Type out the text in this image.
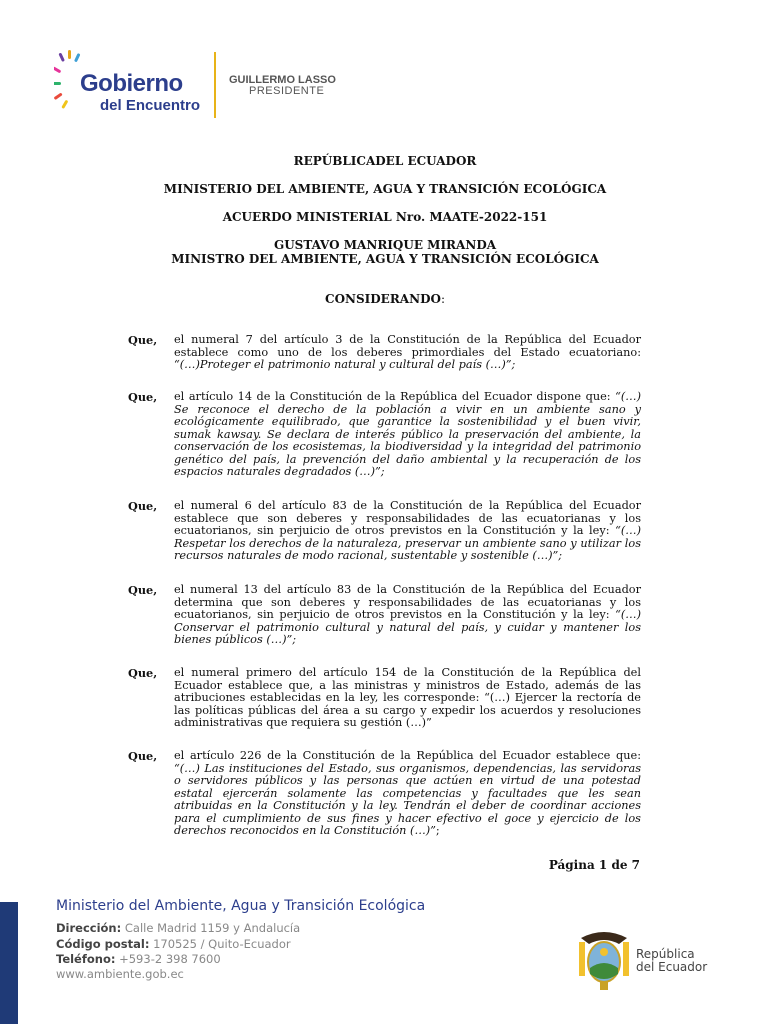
Gobierno
del Encuentro
GUILLERMO LASSO
PRESIDENTE
REPÚBLICADEL ECUADOR
MINISTERIO DEL AMBIENTE, AGUA Y TRANSICIÓN ECOLÓGICA
ACUERDO MINISTERIAL Nro. MAATE-2022-151
GUSTAVO MANRIQUE MIRANDA
MINISTRO DEL AMBIENTE, AGUA Y TRANSICIÓN ECOLÓGICA
CONSIDERANDO:
Que, el numeral 7 del artículo 3 de la Constitución de la República del Ecuador establece como uno de los deberes primordiales del Estado ecuatoriano: “(…)Proteger el patrimonio natural y cultural del país (…)”;
Que, el artículo 14 de la Constitución de la República del Ecuador dispone que: “(…) Se reconoce el derecho de la población a vivir en un ambiente sano y ecológicamente equilibrado, que garantice la sostenibilidad y el buen vivir, sumak kawsay. Se declara de interés público la preservación del ambiente, la conservación de los ecosistemas, la biodiversidad y la integridad del patrimonio genético del país, la prevención del daño ambiental y la recuperación de los espacios naturales degradados (…)”;
Que, el numeral 6 del artículo 83 de la Constitución de la República del Ecuador establece que son deberes y responsabilidades de las ecuatorianas y los ecuatorianos, sin perjuicio de otros previstos en la Constitución y la ley: “(…) Respetar los derechos de la naturaleza, preservar un ambiente sano y utilizar los recursos naturales de modo racional, sustentable y sostenible (…)”;
Que, el numeral 13 del artículo 83 de la Constitución de la República del Ecuador determina que son deberes y responsabilidades de las ecuatorianas y los ecuatorianos, sin perjuicio de otros previstos en la Constitución y la ley: “(…) Conservar el patrimonio cultural y natural del país, y cuidar y mantener los bienes públicos (…)”;
Que, el numeral primero del artículo 154 de la Constitución de la República del Ecuador establece que, a las ministras y ministros de Estado, además de las atribuciones establecidas en la ley, les corresponde: “(…) Ejercer la rectoría de las políticas públicas del área a su cargo y expedir los acuerdos y resoluciones administrativas que requiera su gestión (…)”
Que, el artículo 226 de la Constitución de la República del Ecuador establece que: “(…) Las instituciones del Estado, sus organismos, dependencias, las servidoras o servidores públicos y las personas que actúen en virtud de una potestad estatal ejercerán solamente las competencias y facultades que les sean atribuidas en la Constitución y la ley. Tendrán el deber de coordinar acciones para el cumplimiento de sus fines y hacer efectivo el goce y ejercicio de los derechos reconocidos en la Constitución (…)”;
Página 1 de 7
Ministerio del Ambiente, Agua y Transición Ecológica
Dirección: Calle Madrid 1159 y Andalucía
Código postal: 170525 / Quito-Ecuador
Teléfono: +593-2 398 7600
www.ambiente.gob.ec
República
del Ecuador
